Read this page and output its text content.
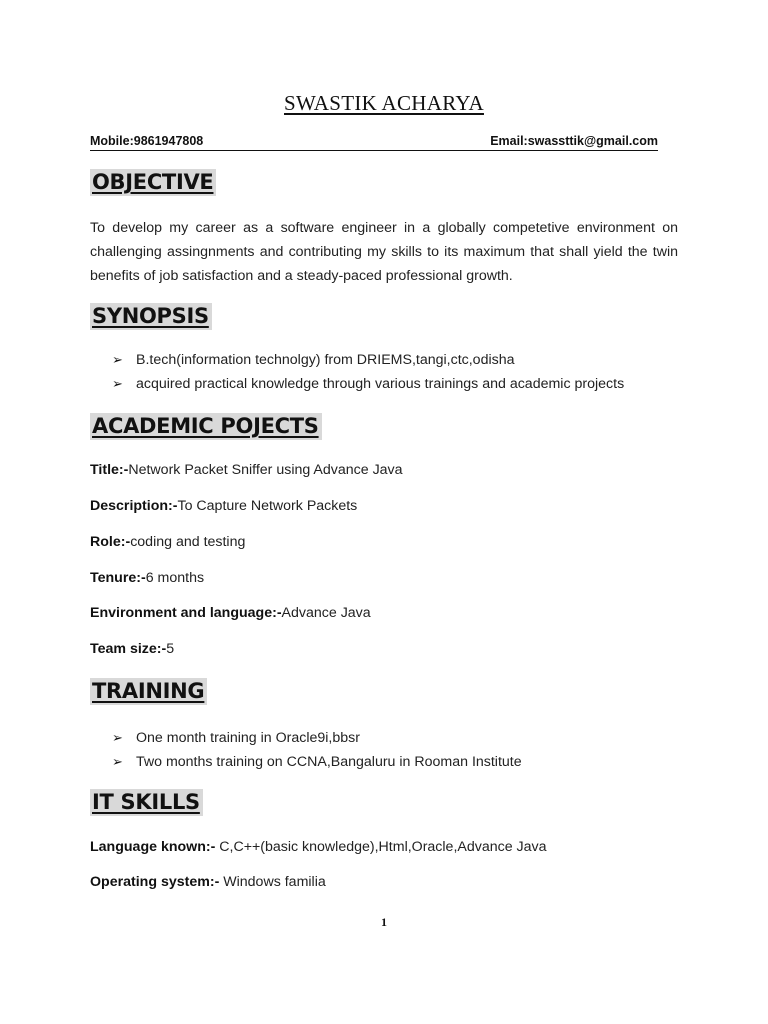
SWASTIK ACHARYA
Mobile:9861947808	Email:swassttik@gmail.com
OBJECTIVE
To develop my career as a software engineer in a globally competetive environment on challenging assingnments and contributing my skills to its maximum that shall yield the twin benefits of job satisfaction and a steady-paced professional growth.
SYNOPSIS
➢ B.tech(information technolgy) from DRIEMS,tangi,ctc,odisha
➢ acquired practical knowledge through various trainings and academic projects
ACADEMIC POJECTS
Title:-Network Packet Sniffer using Advance Java
Description:-To Capture Network Packets
Role:-coding and testing
Tenure:-6 months
Environment and language:-Advance Java
Team size:-5
TRAINING
➢ One month training in Oracle9i,bbsr
➢ Two months training on CCNA,Bangaluru in Rooman Institute
IT SKILLS
Language known:- C,C++(basic knowledge),Html,Oracle,Advance Java
Operating system:- Windows familia
1
